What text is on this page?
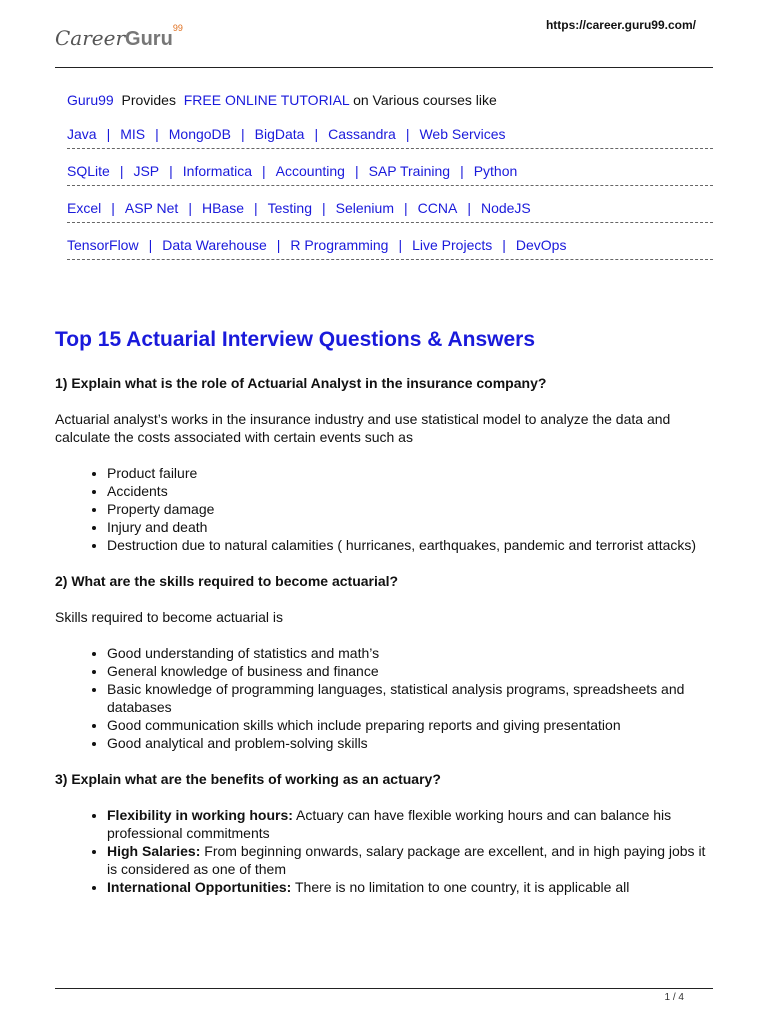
https://career.guru99.com/
CareerGuru$^{99}$
Guru99 Provides FREE ONLINE TUTORIAL on Various courses like
Java | MIS | MongoDB | BigData | Cassandra | Web Services
SQLite | JSP | Informatica | Accounting | SAP Training | Python
Excel | ASP Net | HBase | Testing | Selenium | CCNA | NodeJS
TensorFlow | Data Warehouse | R Programming | Live Projects | DevOps
Top 15 Actuarial Interview Questions & Answers

1) Explain what is the role of Actuarial Analyst in the insurance company?

Actuarial analyst’s works in the insurance industry and use statistical model to analyze the data and calculate the costs associated with certain events such as

• Product failure
• Accidents
• Property damage
• Injury and death
• Destruction due to natural calamities ( hurricanes, earthquakes, pandemic and terrorist attacks)

2) What are the skills required to become actuarial?

Skills required to become actuarial is

• Good understanding of statistics and math’s
• General knowledge of business and finance
• Basic knowledge of programming languages, statistical analysis programs, spreadsheets and databases
• Good communication skills which include preparing reports and giving presentation
• Good analytical and problem-solving skills

3) Explain what are the benefits of working as an actuary?

• Flexibility in working hours: Actuary can have flexible working hours and can balance his professional commitments
• High Salaries: From beginning onwards, salary package are excellent, and in high paying jobs it is considered as one of them
• International Opportunities: There is no limitation to one country, it is applicable all
1 / 4
